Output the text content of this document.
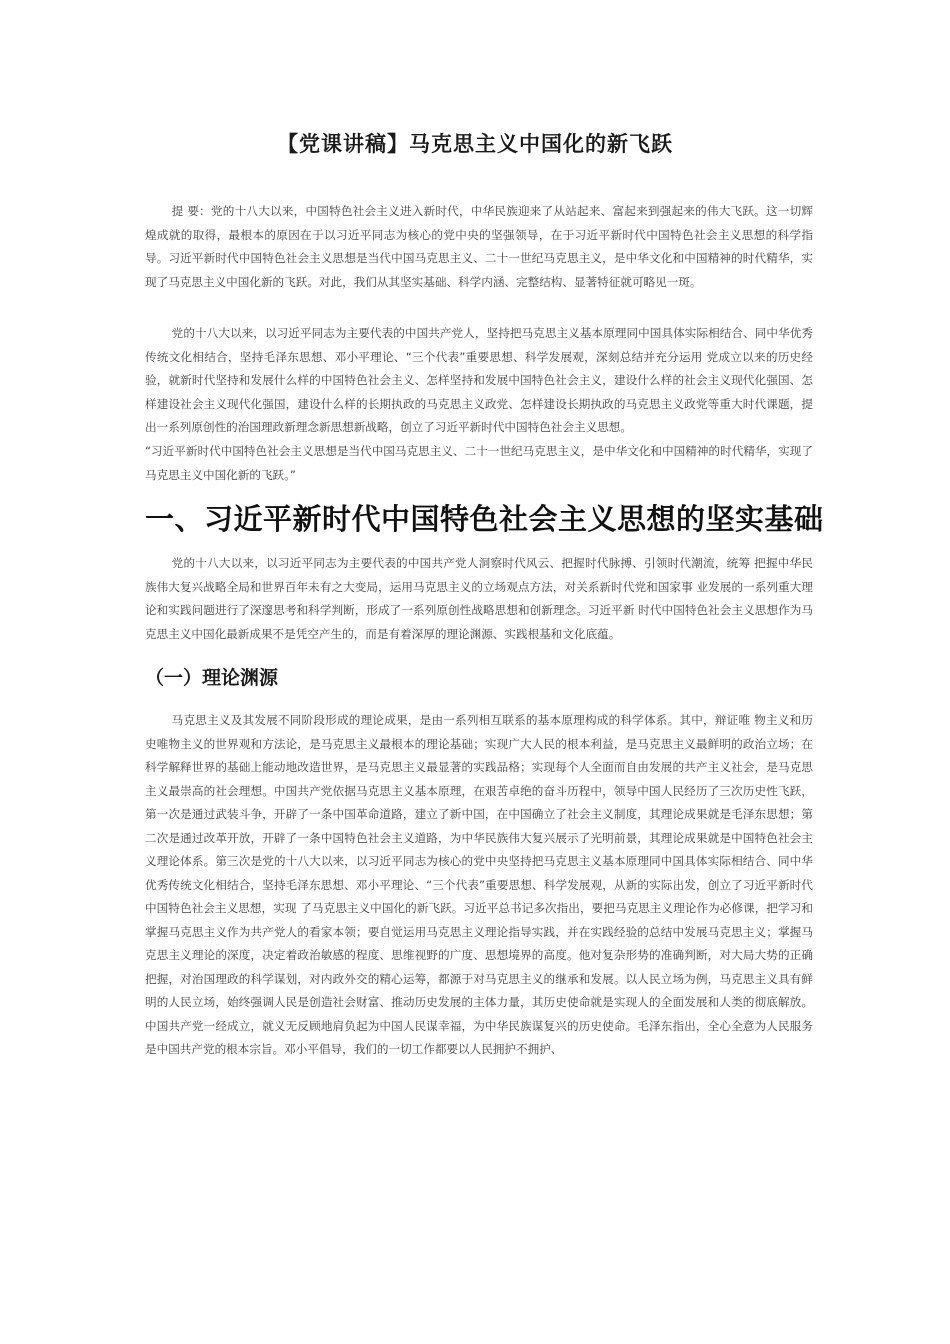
【党课讲稿】马克思主义中国化的新飞跃

提 要：党的十八大以来，中国特色社会主义进入新时代，中华民族迎来了从站起来、富起来到强起来的伟大飞跃。这一切辉煌成就的取得，最根本的原因在于以习近平同志为核心的党中央的坚强领导，在于习近平新时代中国特色社会主义思想的科学指导。习近平新时代中国特色社会主义思想是当代中国马克思主义、二十一世纪马克思主义，是中华文化和中国精神的时代精华，实现了马克思主义中国化新的飞跃。对此，我们从其坚实基础、科学内涵、完整结构、显著特征就可略见一斑。

党的十八大以来，以习近平同志为主要代表的中国共产党人，坚持把马克思主义基本原理同中国具体实际相结合、同中华优秀传统文化相结合，坚持毛泽东思想、邓小平理论、“三个代表”重要思想、科学发展观，深刻总结并充分运用 党成立以来的历史经验，就新时代坚持和发展什么样的中国特色社会主义、怎样坚持和发展中国特色社会主义，建设什么样的社会主义现代化强国、怎样建设社会主义现代化强国，建设什么样的长期执政的马克思主义政党、怎样建设长期执政的马克思主义政党等重大时代课题，提出一系列原创性的治国理政新理念新思想新战略，创立了习近平新时代中国特色社会主义思想。

“习近平新时代中国特色社会主义思想是当代中国马克思主义、二十一世纪马克思主义，是中华文化和中国精神的时代精华，实现了马克思主义中国化新的飞跃。”

一、习近平新时代中国特色社会主义思想的坚实基础

党的十八大以来，以习近平同志为主要代表的中国共产党人洞察时代风云、把握时代脉搏、引领时代潮流，统筹 把握中华民族伟大复兴战略全局和世界百年未有之大变局，运用马克思主义的立场观点方法，对关系新时代党和国家事 业发展的一系列重大理论和实践问题进行了深邃思考和科学判断，形成了一系列原创性战略思想和创新理念。习近平新 时代中国特色社会主义思想作为马克思主义中国化最新成果不是凭空产生的，而是有着深厚的理论渊源、实践根基和文化底蕴。

（一）理论渊源

马克思主义及其发展不同阶段形成的理论成果，是由一系列相互联系的基本原理构成的科学体系。其中，辩证唯 物主义和历史唯物主义的世界观和方法论，是马克思主义最根本的理论基础；实现广大人民的根本利益，是马克思主义最鲜明的政治立场；在科学解释世界的基础上能动地改造世界，是马克思主义最显著的实践品格；实现每个人全面而自由发展的共产主义社会，是马克思主义最崇高的社会理想。中国共产党依据马克思主义基本原理，在艰苦卓绝的奋斗历程中，领导中国人民经历了三次历史性飞跃，第一次是通过武装斗争，开辟了一条中国革命道路，建立了新中国，在中国确立了社会主义制度，其理论成果就是毛泽东思想；第二次是通过改革开放，开辟了一条中国特色社会主义道路，为中华民族伟大复兴展示了光明前景，其理论成果就是中国特色社会主义理论体系。第三次是党的十八大以来，以习近平同志为核心的党中央坚持把马克思主义基本原理同中国具体实际相结合、同中华优秀传统文化相结合，坚持毛泽东思想、邓小平理论、“三个代表”重要思想、科学发展观，从新的实际出发，创立了习近平新时代中国特色社会主义思想，实现 了马克思主义中国化的新飞跃。习近平总书记多次指出，要把马克思主义理论作为必修课，把学习和掌握马克思主义作为共产党人的看家本领；要自觉运用马克思主义理论指导实践，并在实践经验的总结中发展马克思主义；掌握马克思主义理论的深度，决定着政治敏感的程度、思维视野的广度、思想境界的高度。他对复杂形势的准确判断，对大局大势的正确把握，对治国理政的科学谋划，对内政外交的精心运筹，都源于对马克思主义的继承和发展。以人民立场为例，马克思主义具有鲜明的人民立场，始终强调人民是创造社会财富、推动历史发展的主体力量，其历史使命就是实现人的全面发展和人类的彻底解放。中国共产党一经成立，就义无反顾地肩负起为中国人民谋幸福，为中华民族谋复兴的历史使命。毛泽东指出，全心全意为人民服务是中国共产党的根本宗旨。邓小平倡导，我们的一切工作都要以人民拥护不拥护、
